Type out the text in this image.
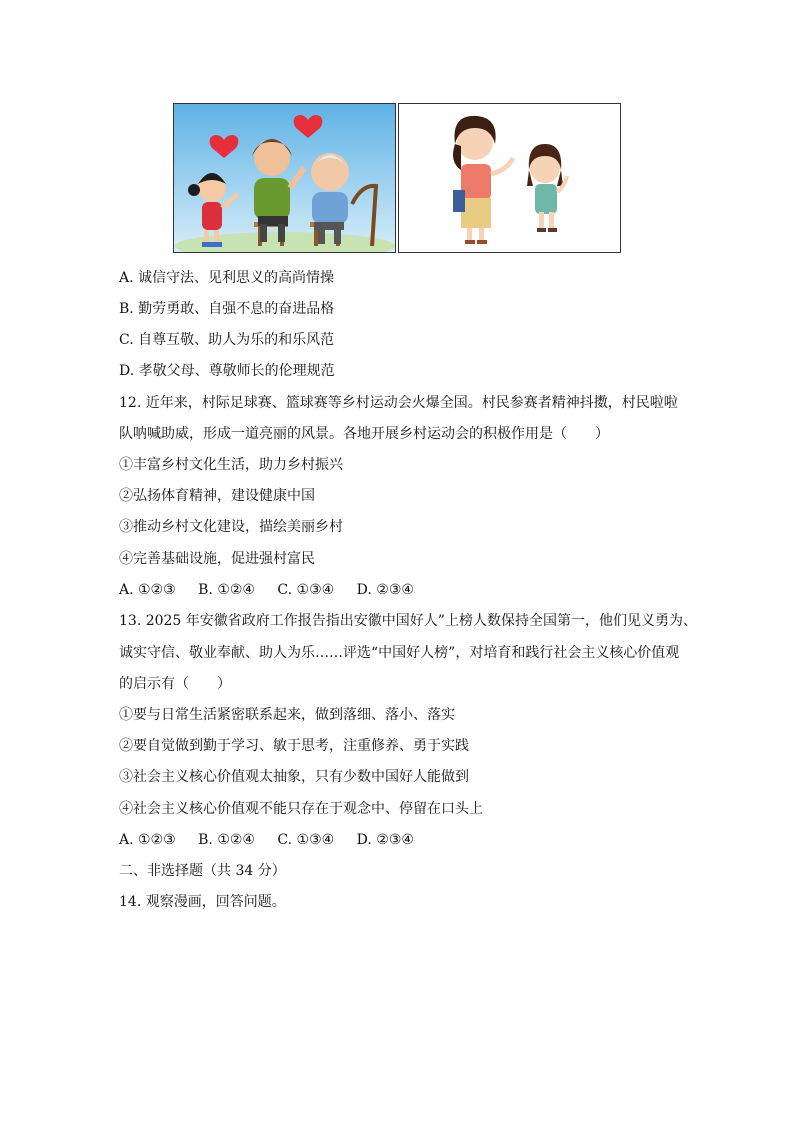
A. 诚信守法、见利思义的高尚情操
B. 勤劳勇敢、自强不息的奋进品格
C. 自尊互敬、助人为乐的和乐风范
D. 孝敬父母、尊敬师长的伦理规范
12. 近年来，村际足球赛、篮球赛等乡村运动会火爆全国。村民参赛者精神抖擞，村民啦啦
队呐喊助威，形成一道亮丽的风景。各地开展乡村运动会的积极作用是（　　）
①丰富乡村文化生活，助力乡村振兴
②弘扬体育精神，建设健康中国
③推动乡村文化建设，描绘美丽乡村
④完善基础设施，促进强村富民
A. ①②③ B. ①②④ C. ①③④ D. ②③④
13. 2025 年安徽省政府工作报告指出安徽中国好人”上榜人数保持全国第一，他们见义勇为、
诚实守信、敬业奉献、助人为乐……评选“中国好人榜”，对培育和践行社会主义核心价值观
的启示有（　　）
①要与日常生活紧密联系起来，做到落细、落小、落实
②要自觉做到勤于学习、敏于思考，注重修养、勇于实践
③社会主义核心价值观太抽象，只有少数中国好人能做到
④社会主义核心价值观不能只存在于观念中、停留在口头上
A. ①②③ B. ①②④ C. ①③④ D. ②③④
二、非选择题（共 34 分）
14. 观察漫画，回答问题。
